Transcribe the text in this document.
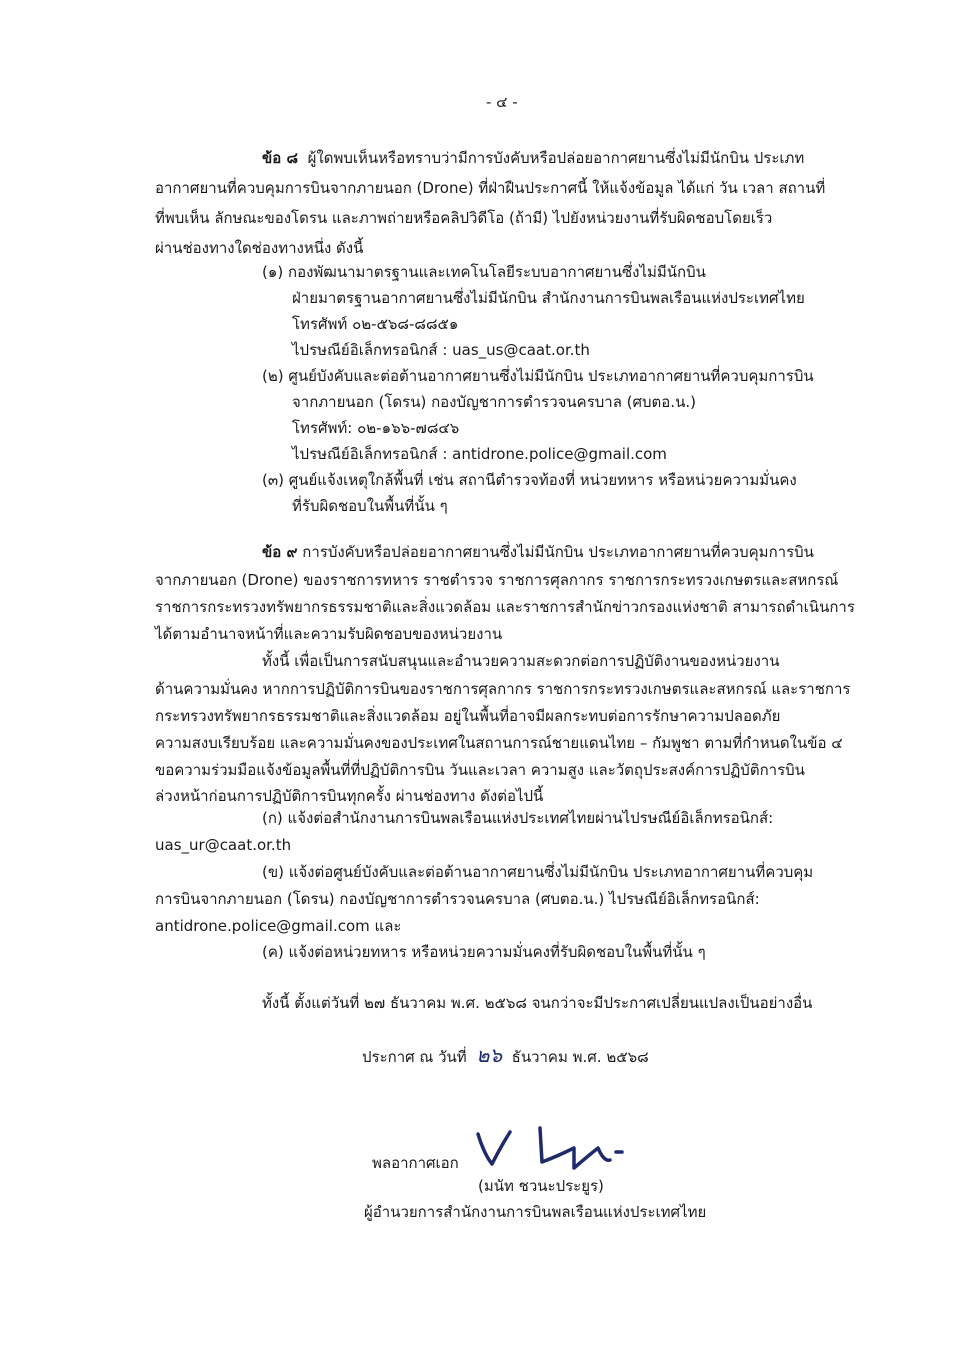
- ๔ -
ข้อ ๘ ผู้ใดพบเห็นหรือทราบว่ามีการบังคับหรือปล่อยอากาศยานซึ่งไม่มีนักบิน ประเภท
อากาศยานที่ควบคุมการบินจากภายนอก (Drone) ที่ฝ่าฝืนประกาศนี้ ให้แจ้งข้อมูล ได้แก่ วัน เวลา สถานที่
ที่พบเห็น ลักษณะของโดรน และภาพถ่ายหรือคลิปวิดีโอ (ถ้ามี) ไปยังหน่วยงานที่รับผิดชอบโดยเร็ว
ผ่านช่องทางใดช่องทางหนึ่ง ดังนี้
(๑) กองพัฒนามาตรฐานและเทคโนโลยีระบบอากาศยานซึ่งไม่มีนักบิน
ฝ่ายมาตรฐานอากาศยานซึ่งไม่มีนักบิน สำนักงานการบินพลเรือนแห่งประเทศไทย
โทรศัพท์ ๐๒-๕๖๘-๘๘๕๑
ไปรษณีย์อิเล็กทรอนิกส์ : uas_us@caat.or.th
(๒) ศูนย์บังคับและต่อต้านอากาศยานซึ่งไม่มีนักบิน ประเภทอากาศยานที่ควบคุมการบิน
จากภายนอก (โดรน) กองบัญชาการตำรวจนครบาล (ศบตอ.น.)
โทรศัพท์: ๐๒-๑๖๖-๗๘๔๖
ไปรษณีย์อิเล็กทรอนิกส์ : antidrone.police@gmail.com
(๓) ศูนย์แจ้งเหตุใกล้พื้นที่ เช่น สถานีตำรวจท้องที่ หน่วยทหาร หรือหน่วยความมั่นคง
ที่รับผิดชอบในพื้นที่นั้น ๆ
ข้อ ๙ การบังคับหรือปล่อยอากาศยานซึ่งไม่มีนักบิน ประเภทอากาศยานที่ควบคุมการบิน
จากภายนอก (Drone) ของราชการทหาร ราชตำรวจ ราชการศุลกากร ราชการกระทรวงเกษตรและสหกรณ์
ราชการกระทรวงทรัพยากรธรรมชาติและสิ่งแวดล้อม และราชการสำนักข่าวกรองแห่งชาติ สามารถดำเนินการ
ได้ตามอำนาจหน้าที่และความรับผิดชอบของหน่วยงาน
ทั้งนี้ เพื่อเป็นการสนับสนุนและอำนวยความสะดวกต่อการปฏิบัติงานของหน่วยงาน
ด้านความมั่นคง หากการปฏิบัติการบินของราชการศุลกากร ราชการกระทรวงเกษตรและสหกรณ์ และราชการ
กระทรวงทรัพยากรธรรมชาติและสิ่งแวดล้อม อยู่ในพื้นที่อาจมีผลกระทบต่อการรักษาความปลอดภัย
ความสงบเรียบร้อย และความมั่นคงของประเทศในสถานการณ์ชายแดนไทย – กัมพูชา ตามที่กำหนดในข้อ ๔
ขอความร่วมมือแจ้งข้อมูลพื้นที่ที่ปฏิบัติการบิน วันและเวลา ความสูง และวัตถุประสงค์การปฏิบัติการบิน
ล่วงหน้าก่อนการปฏิบัติการบินทุกครั้ง ผ่านช่องทาง ดังต่อไปนี้
(ก) แจ้งต่อสำนักงานการบินพลเรือนแห่งประเทศไทยผ่านไปรษณีย์อิเล็กทรอนิกส์:
uas_ur@caat.or.th
(ข) แจ้งต่อศูนย์บังคับและต่อต้านอากาศยานซึ่งไม่มีนักบิน ประเภทอากาศยานที่ควบคุม
การบินจากภายนอก (โดรน) กองบัญชาการตำรวจนครบาล (ศบตอ.น.) ไปรษณีย์อิเล็กทรอนิกส์:
antidrone.police@gmail.com และ
(ค) แจ้งต่อหน่วยทหาร หรือหน่วยความมั่นคงที่รับผิดชอบในพื้นที่นั้น ๆ
ทั้งนี้ ตั้งแต่วันที่ ๒๗ ธันวาคม พ.ศ. ๒๕๖๘ จนกว่าจะมีประกาศเปลี่ยนแปลงเป็นอย่างอื่น
ประกาศ ณ วันที่ ๒๖ ธันวาคม พ.ศ. ๒๕๖๘
พลอากาศเอก
(มนัท ชวนะประยูร)
ผู้อำนวยการสำนักงานการบินพลเรือนแห่งประเทศไทย
